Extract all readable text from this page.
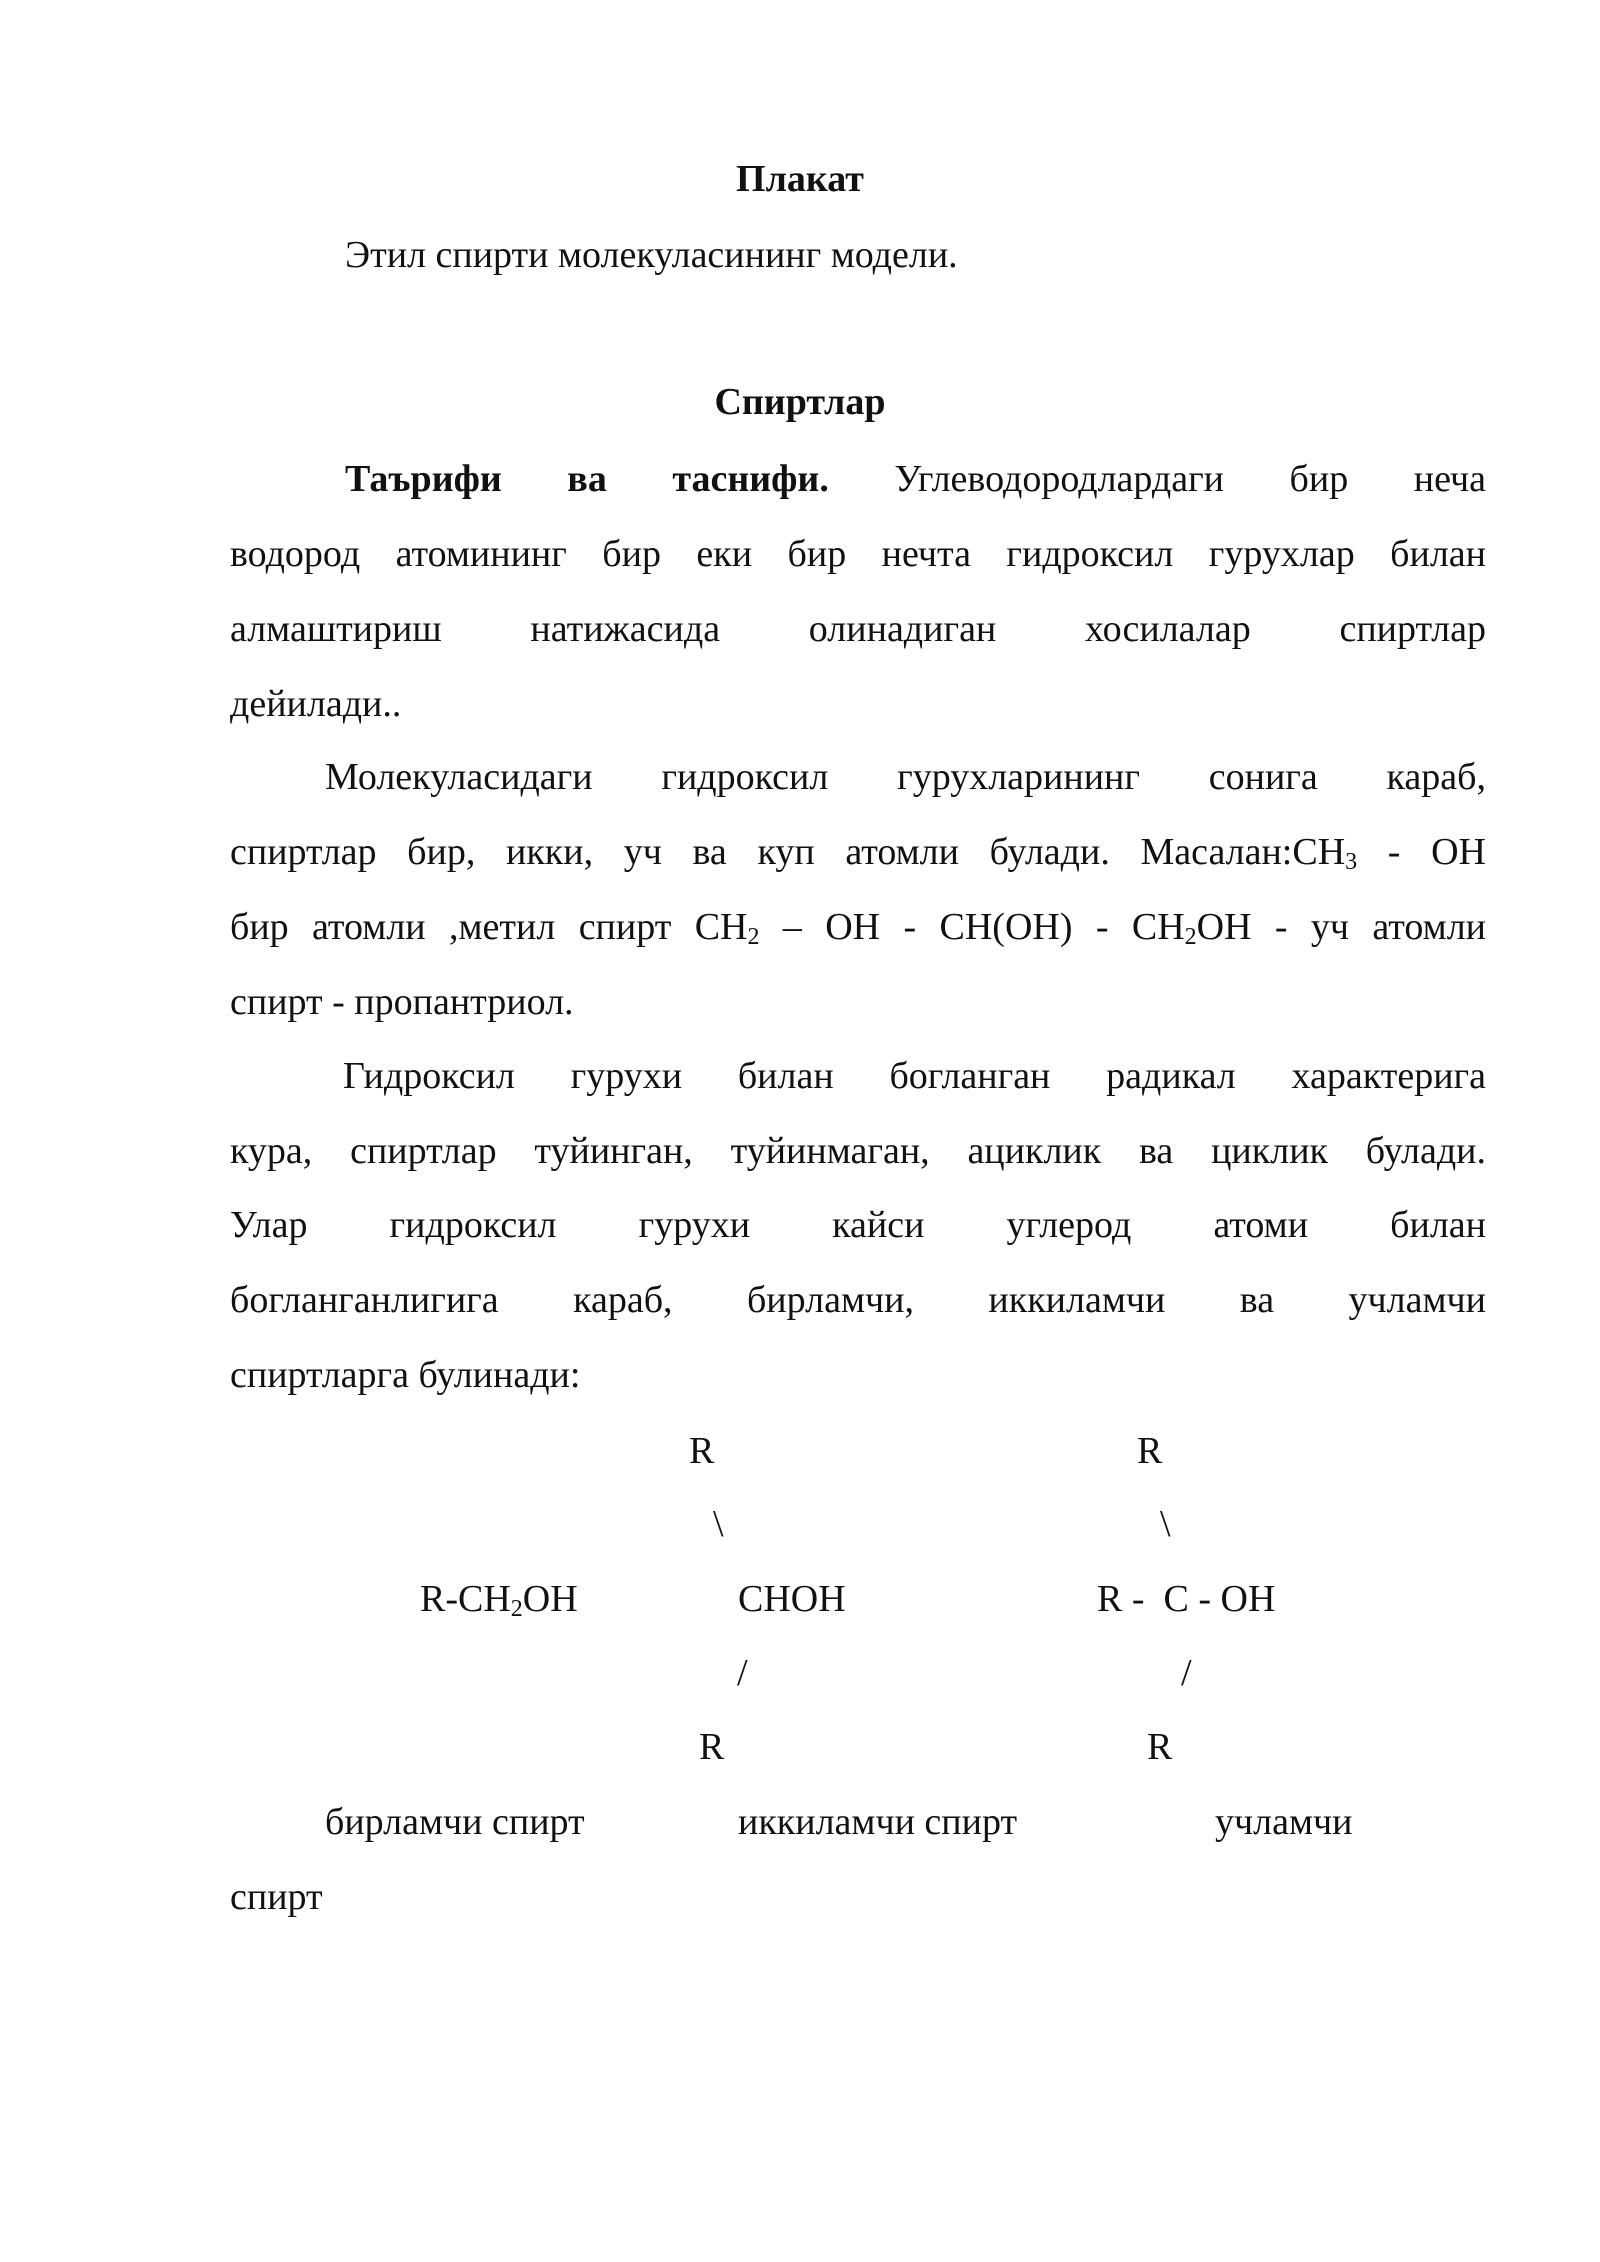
Плакат
Этил спирти молекуласининг модели.
Спиртлар
Таърифи ва таснифи. Углеводородлардаги бир неча
водород атомининг бир еки бир нечта гидроксил гурухлар билан
алмаштириш натижасида олинадиган хосилалар спиртлар
дейилади..
Молекуласидаги гидроксил гурухларининг сонига караб,
спиртлар бир, икки, уч ва куп атомли булади. $Масалан:CH_3$ - OH
бир атомли ,метил спирт $CH_2$ – OH - $CH(OH) - CH_2OH$ - уч атомли
спирт - пропантриол.
Гидроксил гурухи билан богланган радикал характерига
кура, спиртлар туйинган, туйинмаган, ациклик ва циклик булади.
Улар гидроксил гурухи кайси углерод атоми билан
богланганлигига караб, бирламчи, иккиламчи ва учламчи
спиртларга булинади:
R	R
\	\
$R-CH_2OH$	CHOH	R -  C - OH
/	/
R	R
бирламчи спирт	иккиламчи спирт	учламчи
спирт
